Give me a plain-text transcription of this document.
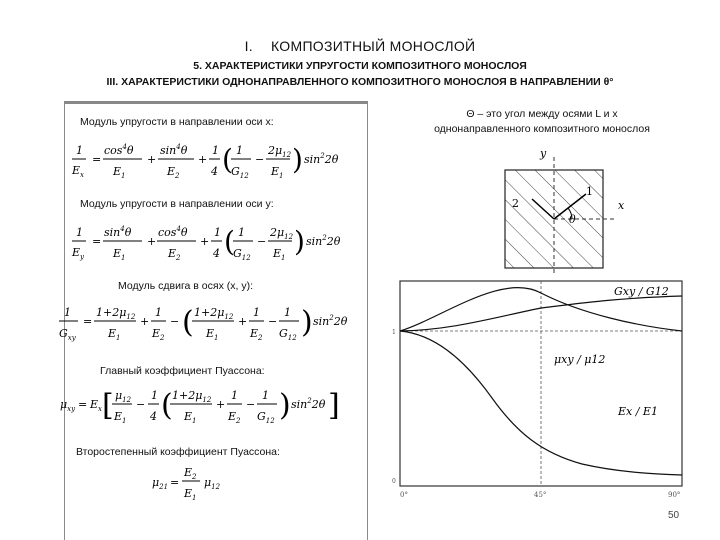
I. КОМПОЗИТНЫЙ МОНОСЛОЙ
5. ХАРАКТЕРИСТИКИ УПРУГОСТИ КОМПОЗИТНОГО МОНОСЛОЯ
III. ХАРАКТЕРИСТИКИ ОДНОНАПРАВЛЕННОГО КОМПОЗИТНОГО МОНОСЛОЯ В НАПРАВЛЕНИИ θ°
Модуль упругости в направлении оси x:
1
$E_x$
=
$\cos^4\theta$
$E_1$
+
$\sin^4\theta$
$E_2$
+
1
4 ( 1
$G_{12}$
−
$2\mu_{12}$
$E_1$ ) $\sin^22\theta$
Модуль упругости в направлении оси y:
1
$E_y$
=
$\sin^4\theta$
$E_1$
+
$\cos^4\theta$
$E_2$
+
1
4 ( 1
$G_{12}$
−
$2\mu_{12}$
$E_1$ ) $\sin^22\theta$
Модуль сдвига в осях (x, y):
1
$G_{xy}$
=
$1+2\mu_{12}$
$E_1$
+
1
$E_2$
− ( $1+2\mu_{12}$
$E_1$
+
1
$E_2$
−
1
$G_{12}$ ) $\sin^22\theta$
Главный коэффициент Пуассона:
$\mu_{xy} = E_x$ [ $\mu_{12}$
$E_1$
−
1
4 ( $1+2\mu_{12}$
$E_1$
+
1
$E_2$
−
1
$G_{12}$ ) $\sin^22\theta$ ]
Второстепенный коэффициент Пуассона:
$\mu_{21}$ =
$E_2$
$E_1$
$\mu_{12}$
Θ – это угол между осями L и x
однонаправленного композитного монослоя
y
x
1
2
θ
Gxy / G12
μxy / μ12
Ex / E1
1
0
0°	45°	90°
50
